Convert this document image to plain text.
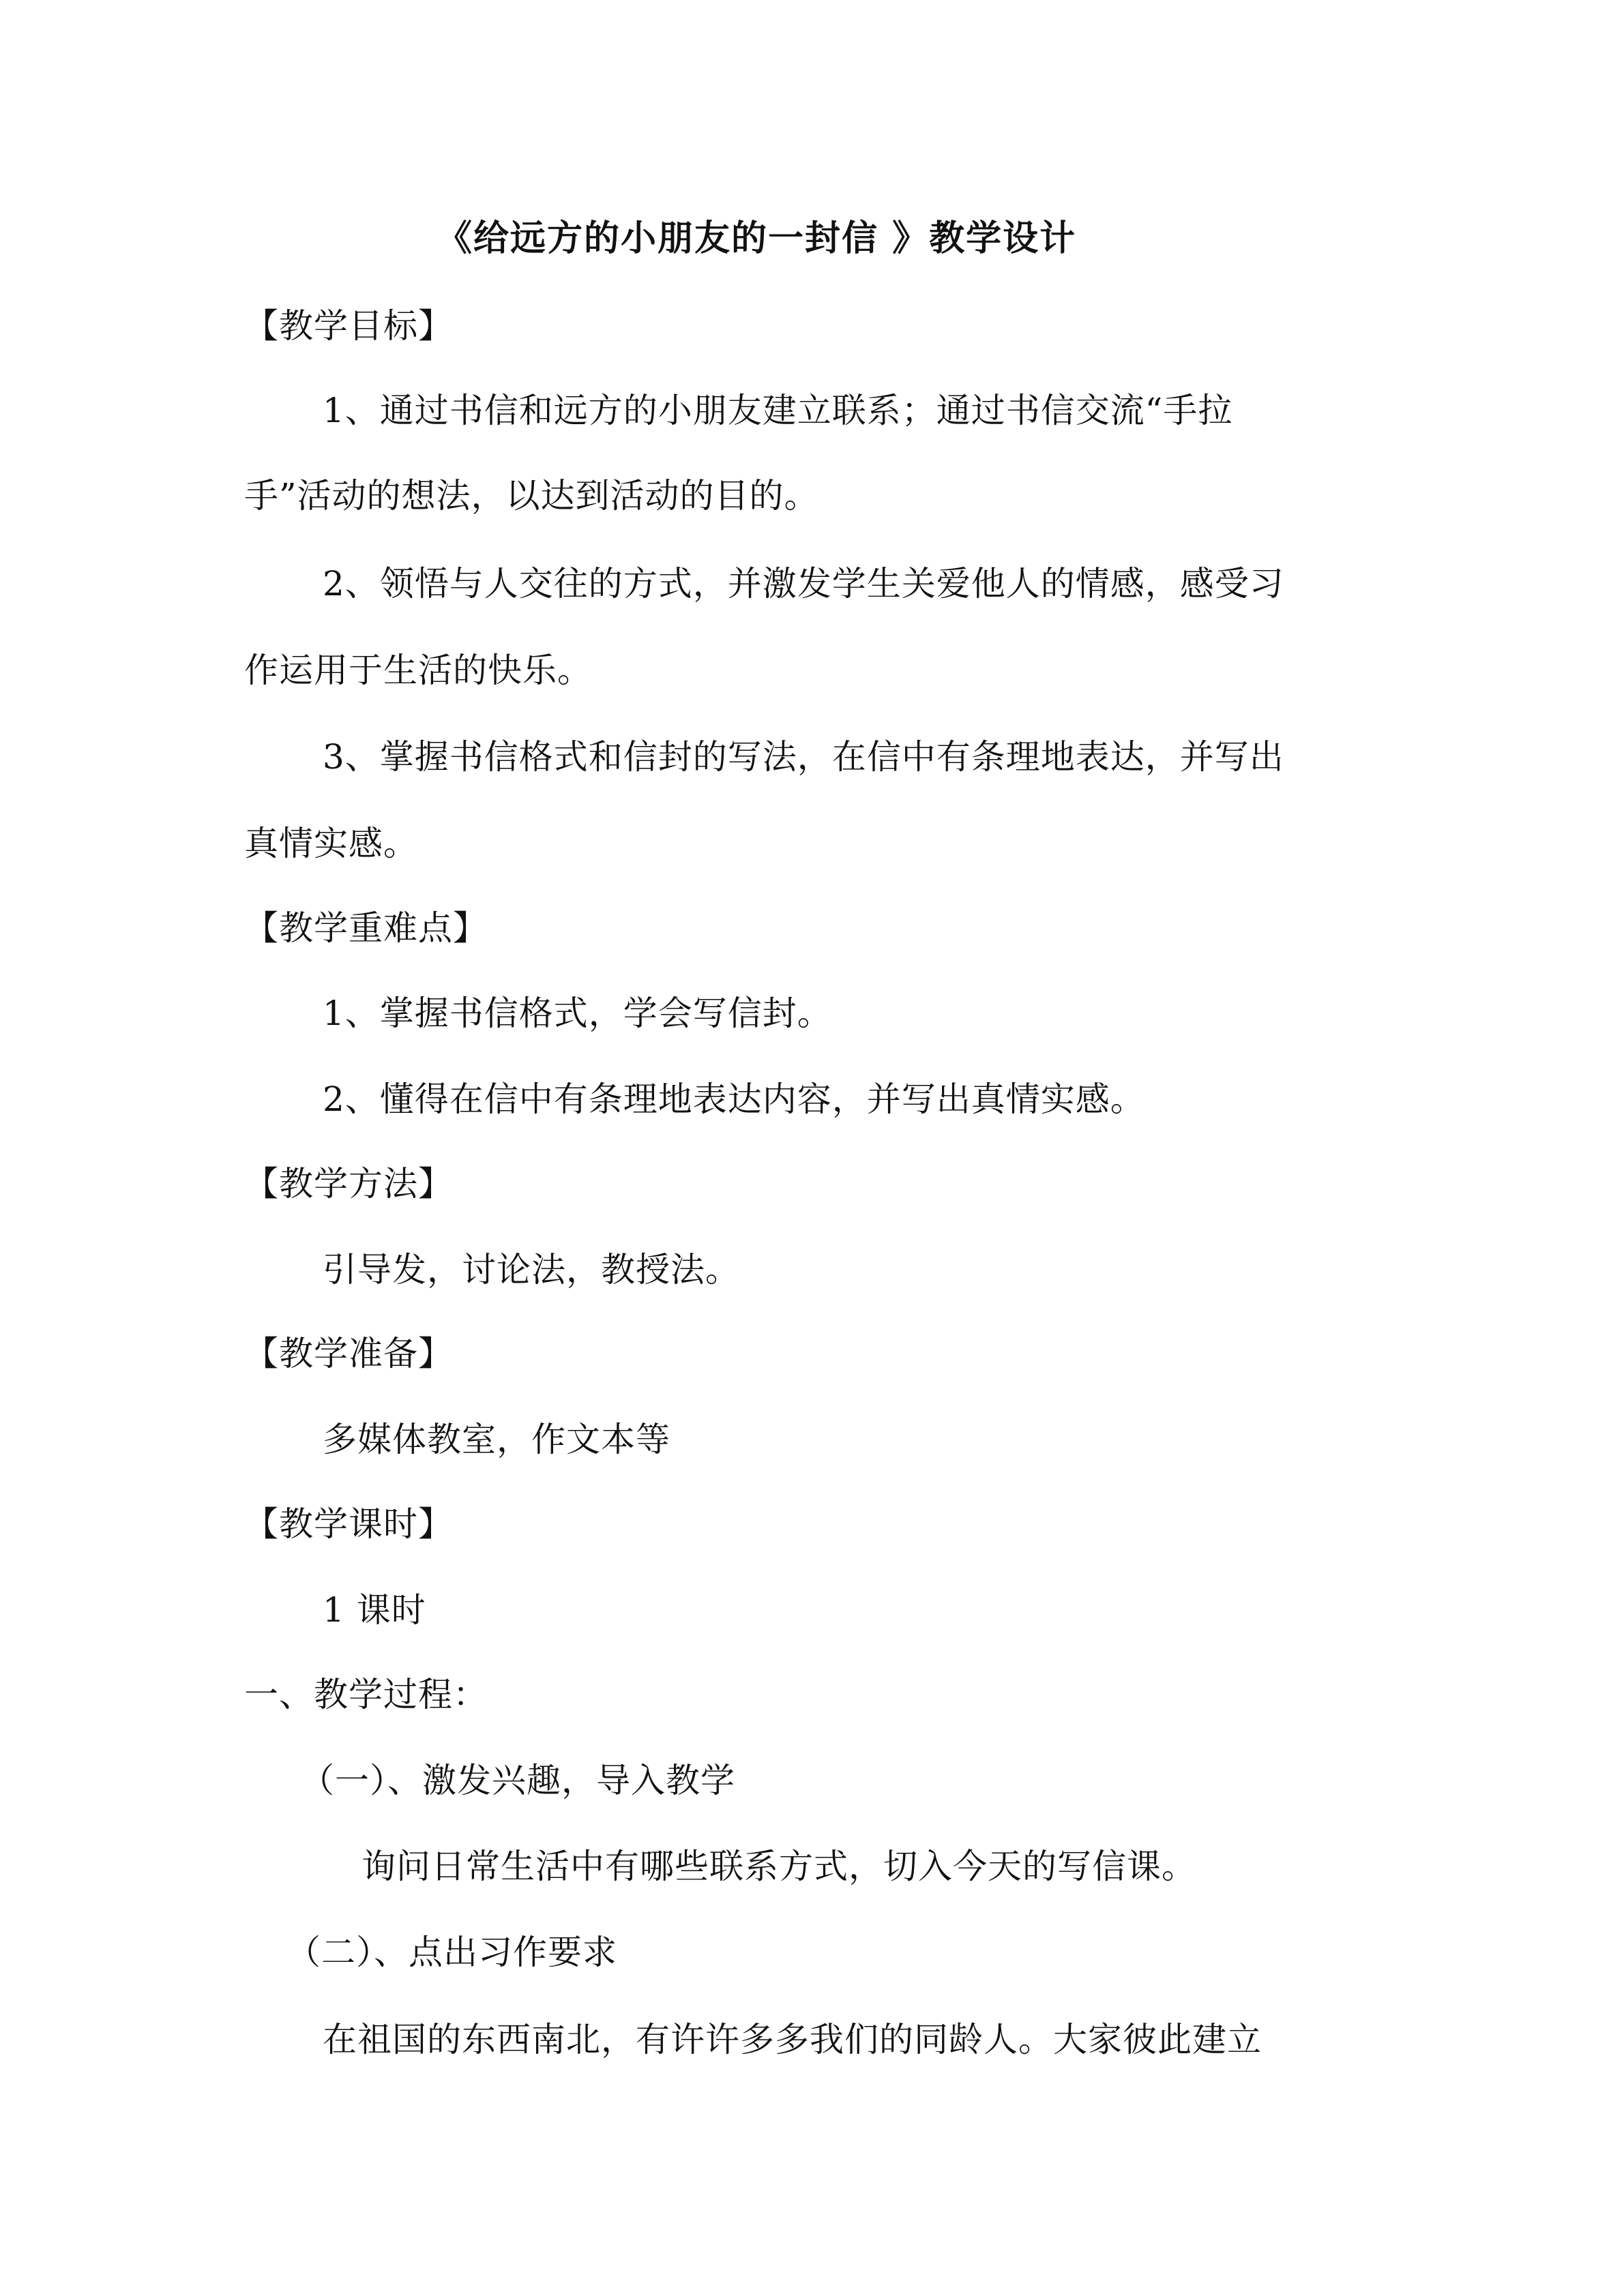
《给远方的小朋友的一封信 》教学设计
【教学目标】
1、通过书信和远方的小朋友建立联系；通过书信交流“手拉
手”活动的想法，以达到活动的目的。
2、领悟与人交往的方式，并激发学生关爱他人的情感，感受习
作运用于生活的快乐。
3、掌握书信格式和信封的写法，在信中有条理地表达，并写出
真情实感。
【教学重难点】
1、掌握书信格式，学会写信封。
2、懂得在信中有条理地表达内容，并写出真情实感。
【教学方法】
引导发，讨论法，教授法。
【教学准备】
多媒体教室，作文本等
【教学课时】
1 课时
一、教学过程：
（一）、激发兴趣，导入教学
询问日常生活中有哪些联系方式，切入今天的写信课。
（二）、点出习作要求
在祖国的东西南北，有许许多多我们的同龄人。大家彼此建立
